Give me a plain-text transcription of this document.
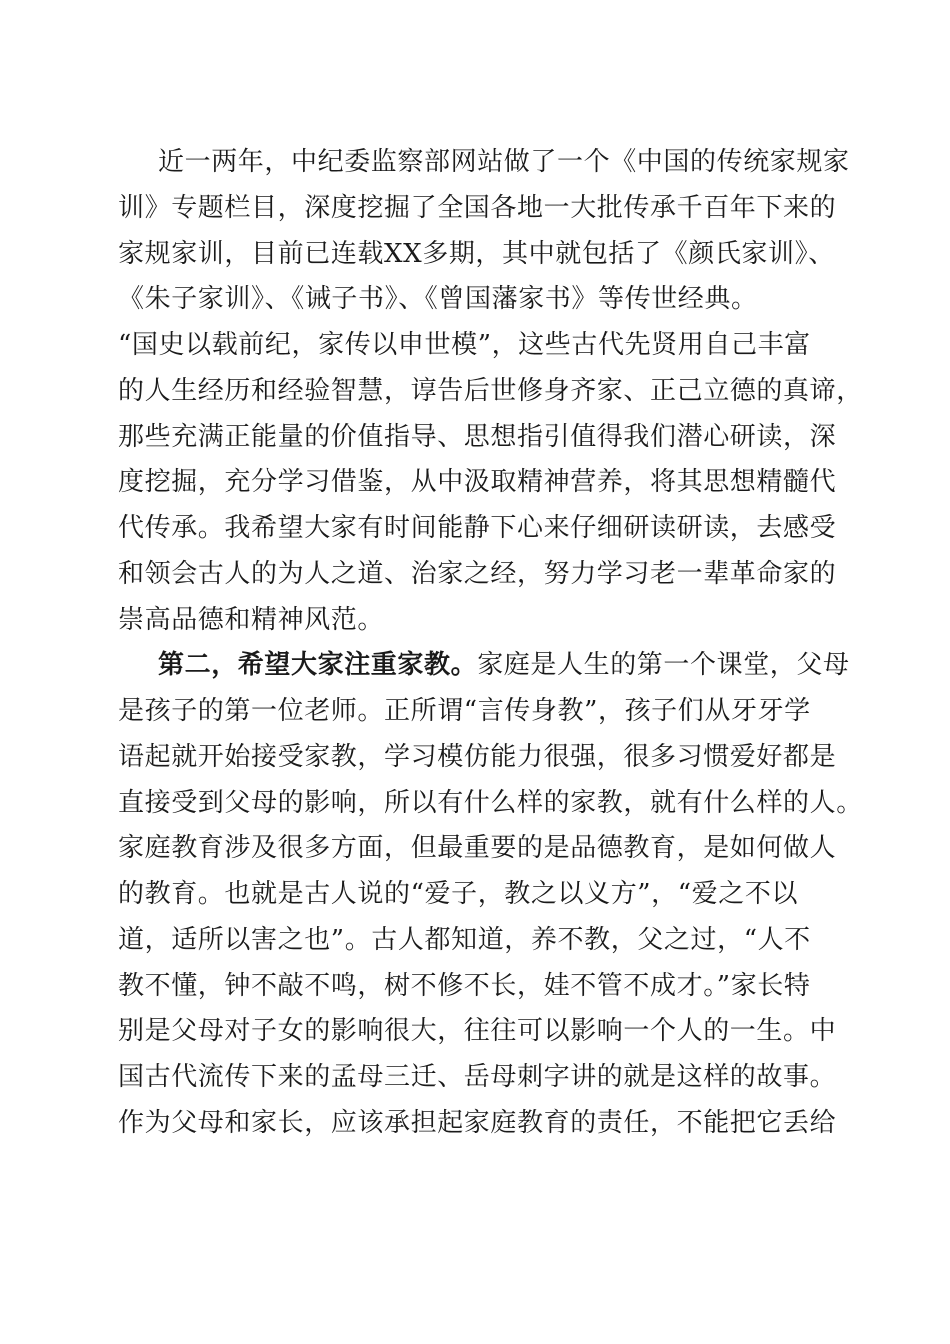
近一两年，中纪委监察部网站做了一个《中国的传统家规家
训》专题栏目，深度挖掘了全国各地一大批传承千百年下来的
家规家训，目前已连载XX多期，其中就包括了《颜氏家训》、
《朱子家训》、《诫子书》、《曾国藩家书》等传世经典。
“国史以载前纪，家传以申世模”，这些古代先贤用自己丰富
的人生经历和经验智慧，谆告后世修身齐家、正己立德的真谛，
那些充满正能量的价值指导、思想指引值得我们潜心研读，深
度挖掘，充分学习借鉴，从中汲取精神营养，将其思想精髓代
代传承。我希望大家有时间能静下心来仔细研读研读，去感受
和领会古人的为人之道、治家之经，努力学习老一辈革命家的
崇高品德和精神风范。
第二，希望大家注重家教。家庭是人生的第一个课堂，父母
是孩子的第一位老师。正所谓“言传身教”，孩子们从牙牙学
语起就开始接受家教，学习模仿能力很强，很多习惯爱好都是
直接受到父母的影响，所以有什么样的家教，就有什么样的人。
家庭教育涉及很多方面，但最重要的是品德教育，是如何做人
的教育。也就是古人说的“爱子，教之以义方”，“爱之不以
道，适所以害之也”。古人都知道，养不教，父之过，“人不
教不懂，钟不敲不鸣，树不修不长，娃不管不成才。”家长特
别是父母对子女的影响很大，往往可以影响一个人的一生。中
国古代流传下来的孟母三迁、岳母刺字讲的就是这样的故事。
作为父母和家长，应该承担起家庭教育的责任，不能把它丢给
